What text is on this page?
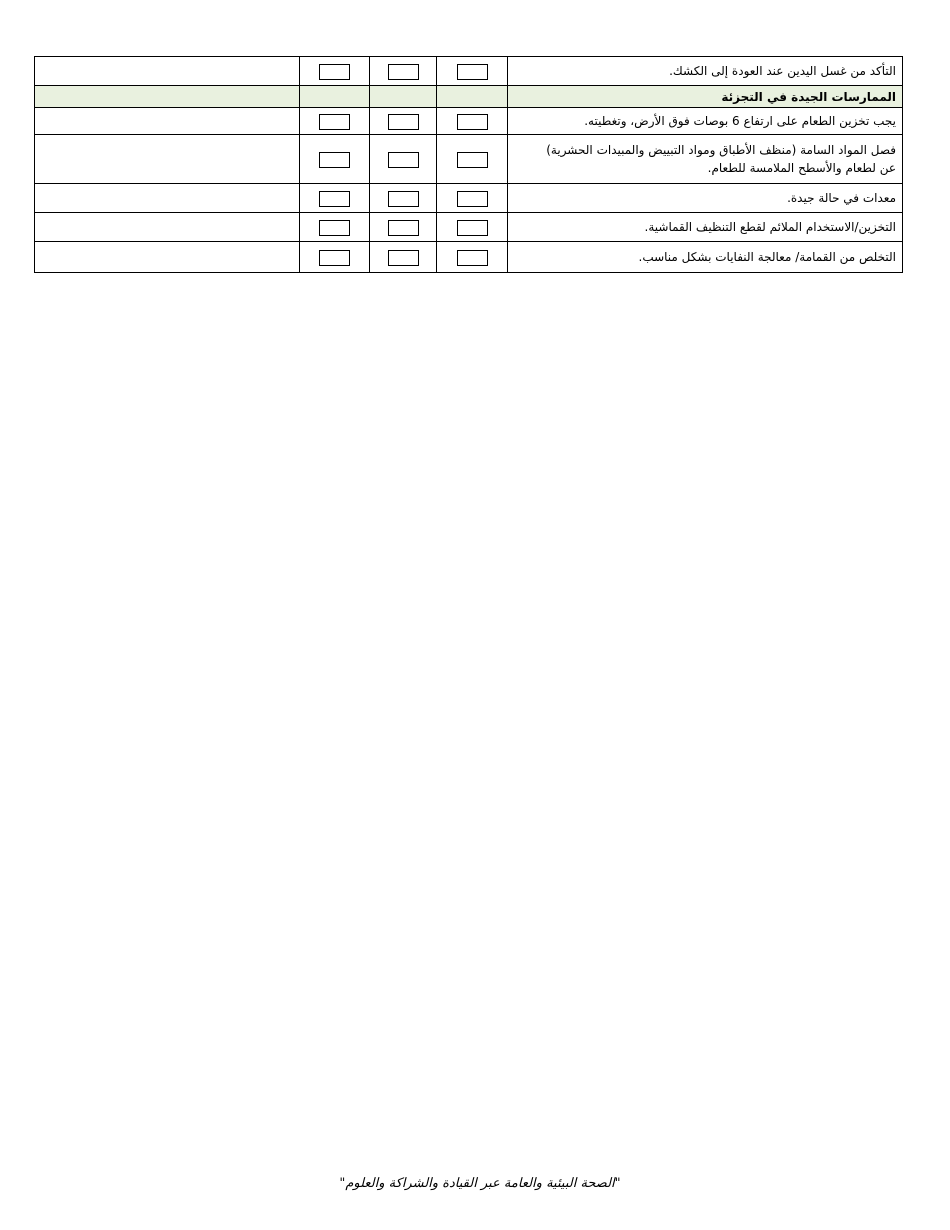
التأكد من غسل اليدين عند العودة إلى الكشك.				
الممارسات الجيدة في التجزئة				
يجب تخزين الطعام على ارتفاع 6 بوصات فوق الأرض، وتغطيته.				

فصل المواد السامة (منظف الأطباق ومواد التبييض والمبيدات الحشرية)
عن لطعام والأسطح الملامسة للطعام.				

معدات في حالة جيدة.				
التخزين/الاستخدام الملائم لقطع التنظيف القماشية.				
التخلص من القمامة/ معالجة النفايات بشكل مناسب.				
"الصحة البيئية والعامة عبر القيادة والشراكة والعلوم"
